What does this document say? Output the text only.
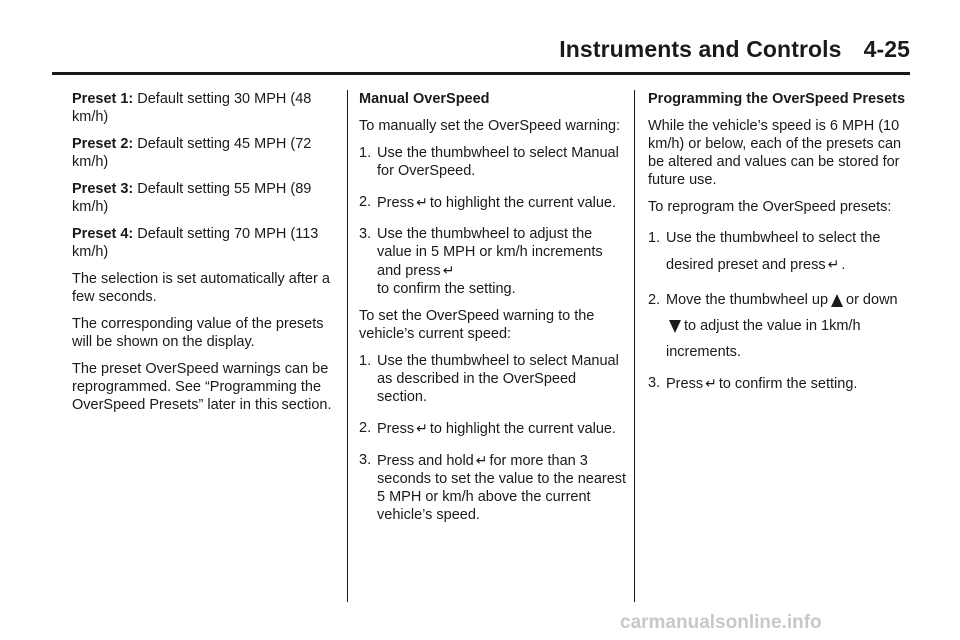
Instruments and Controls 4-25

Preset 1: Default setting 30 MPH (48 km/h)

Preset 2: Default setting 45 MPH (72 km/h)

Preset 3: Default setting 55 MPH (89 km/h)

Preset 4: Default setting 70 MPH (113 km/h)

The selection is set automatically after a few seconds.

The corresponding value of the presets will be shown on the display.

The preset OverSpeed warnings can be reprogrammed. See “Programming the OverSpeed Presets” later in this section.

Manual OverSpeed

To manually set the OverSpeed warning:

1. Use the thumbwheel to select Manual for OverSpeed.
2. Press ↵ to highlight the current value.
3. Use the thumbwheel to adjust the value in 5 MPH or km/h increments and press ↵
to confirm the setting.

To set the OverSpeed warning to the vehicle’s current speed:

1. Use the thumbwheel to select Manual as described in the OverSpeed section.
2. Press ↵ to highlight the current value.
3. Press and hold ↵ for more than 3 seconds to set the value to the nearest 5 MPH or km/h above the current vehicle’s speed.

Programming the OverSpeed Presets

While the vehicle’s speed is 6 MPH (10 km/h) or below, each of the presets can be altered and values can be stored for future use.

To reprogram the OverSpeed presets:

1. Use the thumbwheel to select the desired preset and press ↵ .
2. Move the thumbwheel up or downto adjust the value in 1km/h increments.
3. Press ↵ to confirm the setting.
carmanualsonline.info
